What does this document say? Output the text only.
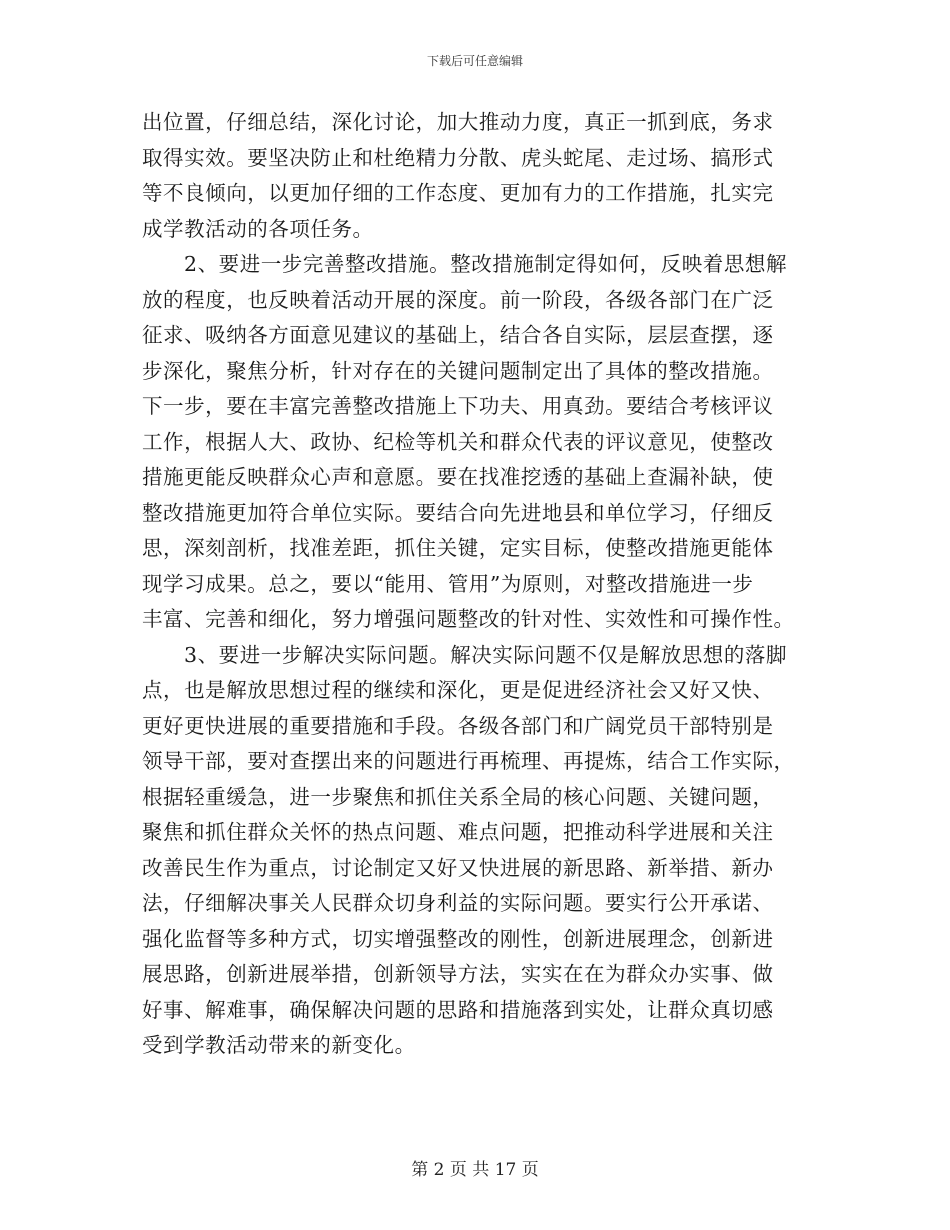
下载后可任意编辑
出位置，仔细总结，深化讨论，加大推动力度，真正一抓到底，务求
取得实效。要坚决防止和杜绝精力分散、虎头蛇尾、走过场、搞形式
等不良倾向，以更加仔细的工作态度、更加有力的工作措施，扎实完
成学教活动的各项任务。
2、要进一步完善整改措施。整改措施制定得如何，反映着思想解
放的程度，也反映着活动开展的深度。前一阶段，各级各部门在广泛
征求、吸纳各方面意见建议的基础上，结合各自实际，层层查摆，逐
步深化，聚焦分析，针对存在的关键问题制定出了具体的整改措施。
下一步，要在丰富完善整改措施上下功夫、用真劲。要结合考核评议
工作，根据人大、政协、纪检等机关和群众代表的评议意见，使整改
措施更能反映群众心声和意愿。要在找准挖透的基础上查漏补缺，使
整改措施更加符合单位实际。要结合向先进地县和单位学习，仔细反
思，深刻剖析，找准差距，抓住关键，定实目标，使整改措施更能体
现学习成果。总之，要以“能用、管用”为原则，对整改措施进一步
丰富、完善和细化，努力增强问题整改的针对性、实效性和可操作性。
3、要进一步解决实际问题。解决实际问题不仅是解放思想的落脚
点，也是解放思想过程的继续和深化，更是促进经济社会又好又快、
更好更快进展的重要措施和手段。各级各部门和广阔党员干部特别是
领导干部，要对查摆出来的问题进行再梳理、再提炼，结合工作实际，
根据轻重缓急，进一步聚焦和抓住关系全局的核心问题、关键问题，
聚焦和抓住群众关怀的热点问题、难点问题，把推动科学进展和关注
改善民生作为重点，讨论制定又好又快进展的新思路、新举措、新办
法，仔细解决事关人民群众切身利益的实际问题。要实行公开承诺、
强化监督等多种方式，切实增强整改的刚性，创新进展理念，创新进
展思路，创新进展举措，创新领导方法，实实在在为群众办实事、做
好事、解难事，确保解决问题的思路和措施落到实处，让群众真切感
受到学教活动带来的新变化。
第 2 页 共 17 页
